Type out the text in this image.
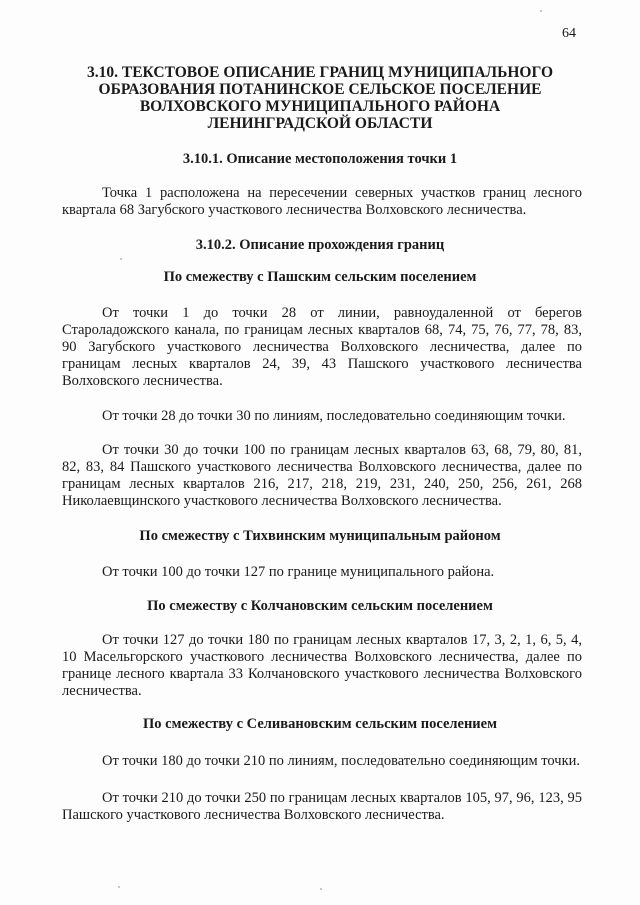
64
3.10. ТЕКСТОВОЕ ОПИСАНИЕ ГРАНИЦ МУНИЦИПАЛЬНОГО ОБРАЗОВАНИЯ ПОТАНИНСКОЕ СЕЛЬСКОЕ ПОСЕЛЕНИЕ ВОЛХОВСКОГО МУНИЦИПАЛЬНОГО РАЙОНА ЛЕНИНГРАДСКОЙ ОБЛАСТИ
3.10.1. Описание местоположения точки 1

Точка 1 расположена на пересечении северных участков границ лесного квартала 68 Загубского участкового лесничества Волховского лесничества.

3.10.2. Описание прохождения границ
По смежеству с Пашским сельским поселением

От точки 1 до точки 28 от линии, равноудаленной от берегов Староладожского канала, по границам лесных кварталов 68, 74, 75, 76, 77, 78, 83, 90 Загубского участкового лесничества Волховского лесничества, далее по границам лесных кварталов 24, 39, 43 Пашского участкового лесничества Волховского лесничества.

От точки 28 до точки 30 по линиям, последовательно соединяющим точки.

От точки 30 до точки 100 по границам лесных кварталов 63, 68, 79, 80, 81, 82, 83, 84 Пашского участкового лесничества Волховского лесничества, далее по границам лесных кварталов 216, 217, 218, 219, 231, 240, 250, 256, 261, 268 Николаевщинского участкового лесничества Волховского лесничества.

По смежеству с Тихвинским муниципальным районом

От точки 100 до точки 127 по границе муниципального района.

По смежеству с Колчановским сельским поселением

От точки 127 до точки 180 по границам лесных кварталов 17, 3, 2, 1, 6, 5, 4, 10 Масельгорского участкового лесничества Волховского лесничества, далее по границе лесного квартала 33 Колчановского участкового лесничества Волховского лесничества.

По смежеству с Селивановским сельским поселением

От точки 180 до точки 210 по линиям, последовательно соединяющим точки.

От точки 210 до точки 250 по границам лесных кварталов 105, 97, 96, 123, 95 Пашского участкового лесничества Волховского лесничества.
